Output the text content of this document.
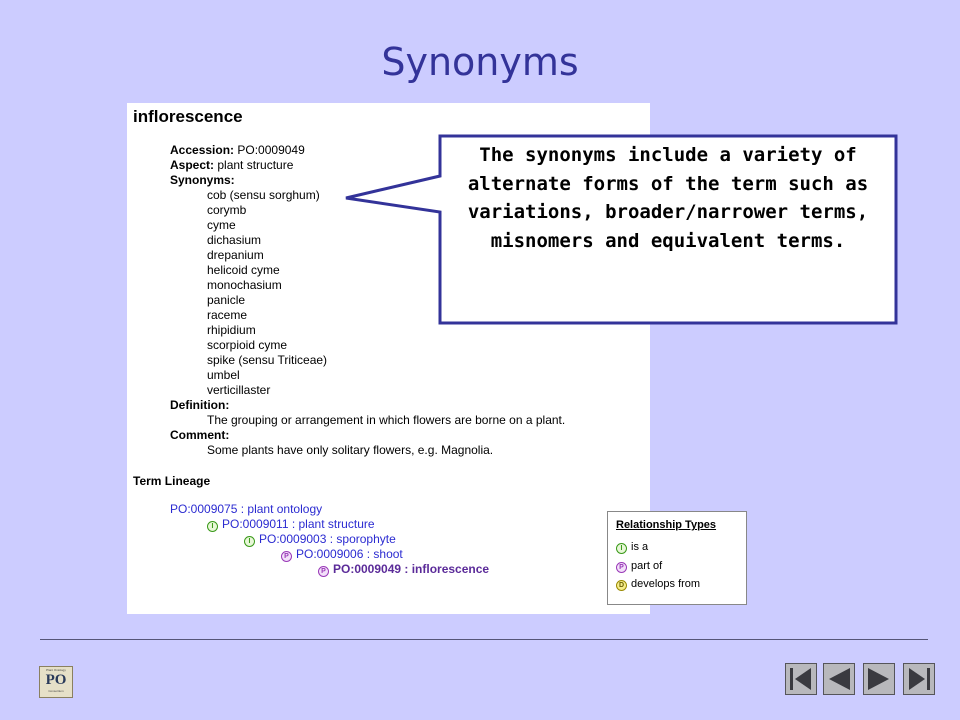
Synonyms
inflorescence
Accession: PO:0009049
Aspect: plant structure
Synonyms:
cob (sensu sorghum)
corymb
cyme
dichasium
drepanium
helicoid cyme
monochasium
panicle
raceme
rhipidium
scorpioid cyme
spike (sensu Triticeae)
umbel
verticillaster
Definition:
The grouping or arrangement in which flowers are borne on a plant.
Comment:
Some plants have only solitary flowers, e.g. Magnolia.
Term Lineage
PO:0009075 : plant ontology
I PO:0009011 : plant structure
I PO:0009003 : sporophyte
P PO:0009006 : shoot
P PO:0009049 : inflorescence
The synonyms include a variety of alternate forms of the term such as variations, broader/narrower terms, misnomers and equivalent terms.
Relationship Types
I is a
P part of
D develops from
Plant Ontology
PO
Consortium
